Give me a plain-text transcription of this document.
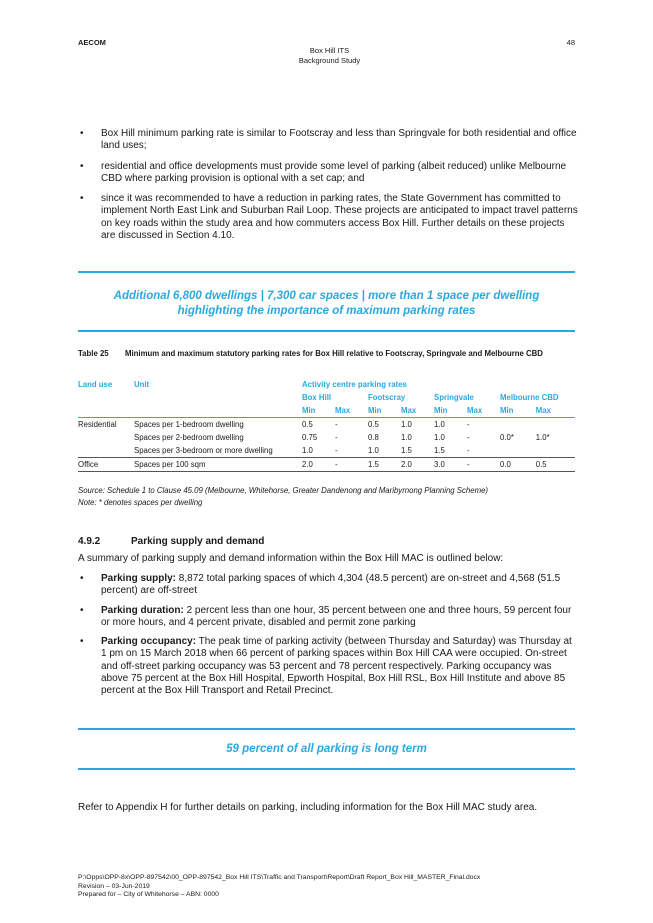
AECOM
Box Hill ITS
Background Study
48
• Box Hill minimum parking rate is similar to Footscray and less than Springvale for both residential and office land uses;
• residential and office developments must provide some level of parking (albeit reduced) unlike Melbourne CBD where parking provision is optional with a set cap; and
• since it was recommended to have a reduction in parking rates, the State Government has committed to implement North East Link and Suburban Rail Loop. These projects are anticipated to impact travel patterns on key roads within the study area and how commuters access Box Hill. Further details on these projects are discussed in Section 4.10.
Additional 6,800 dwellings | 7,300 car spaces | more than 1 space per dwelling
highlighting the importance of maximum parking rates
Table 25 Minimum and maximum statutory parking rates for Box Hill relative to Footscray, Springvale and Melbourne CBD
Land use	Unit	Activity centre parking rates							
		Box Hill		Footscray		Springvale		Melbourne CBD	
		Min	Max	Min	Max	Min	Max	Min	Max
Residential	Spaces per 1-bedroom dwelling	0.5	-	0.5	1.0	1.0	-		
	Spaces per 2-bedroom dwelling	0.75	-	0.8	1.0	1.0	-	0.0*	1.0*
	Spaces per 3-bedroom or more dwelling	1.0	-	1.0	1.5	1.5	-		
Office	Spaces per 100 sqm	2.0	-	1.5	2.0	3.0	-	0.0	0.5
Source: Schedule 1 to Clause 45.09 (Melbourne, Whitehorse, Greater Dandenong and Maribyrnong Planning Scheme)
Note: * denotes spaces per dwelling
4.9.2	Parking supply and demand
A summary of parking supply and demand information within the Box Hill MAC is outlined below:
• Parking supply: 8,872 total parking spaces of which 4,304 (48.5 percent) are on-street and 4,568 (51.5 percent) are off-street
• Parking duration: 2 percent less than one hour, 35 percent between one and three hours, 59 percent four or more hours, and 4 percent private, disabled and permit zone parking
• Parking occupancy: The peak time of parking activity (between Thursday and Saturday) was Thursday at 1 pm on 15 March 2018 when 66 percent of parking spaces within Box Hill CAA were occupied. On-street and off-street parking occupancy was 53 percent and 78 percent respectively. Parking occupancy was above 75 percent at the Box Hill Hospital, Epworth Hospital, Box Hill RSL, Box Hill Institute and above 85 percent at the Box Hill Transport and Retail Precinct.
59 percent of all parking is long term
Refer to Appendix H for further details on parking, including information for the Box Hill MAC study area.
P:\Opps\OPP-8x\OPP-897542\00_OPP-897542_Box Hill ITS\Traffic and Transport\Report\Draft Report_Box Hill_MASTER_Final.docx
Revision – 03-Jun-2019
Prepared for – City of Whitehorse – ABN: 0000
